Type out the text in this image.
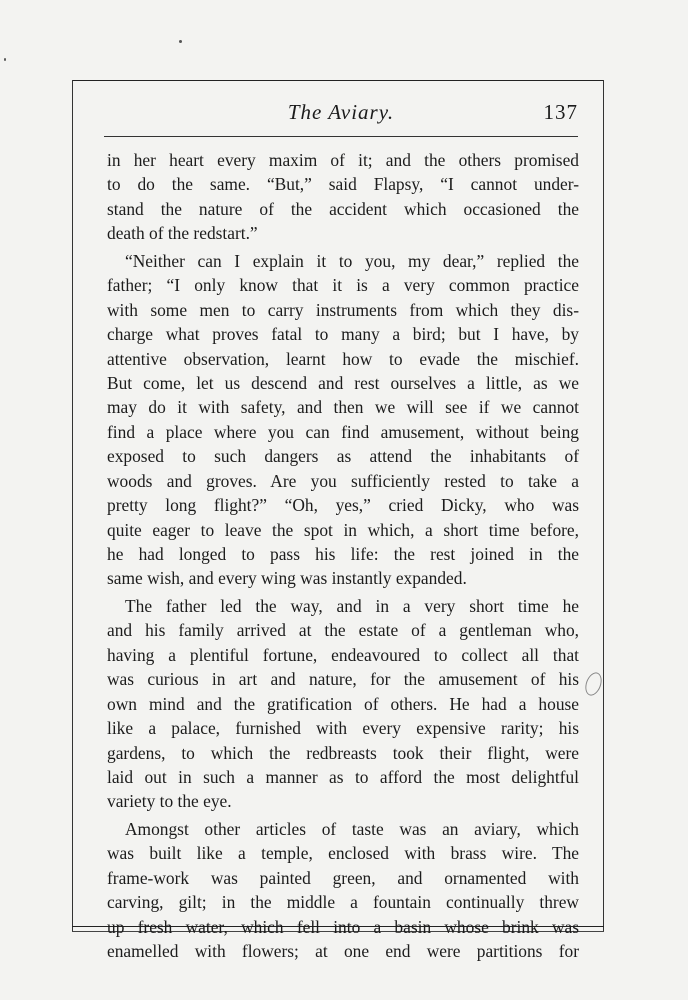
The Aviary.	137
in her heart every maxim of it; and the others promised
to do the same. “But,” said Flapsy, “I cannot under-
stand the nature of the accident which occasioned the
death of the redstart.”
“Neither can I explain it to you, my dear,” replied the
father; “I only know that it is a very common practice
with some men to carry instruments from which they dis-
charge what proves fatal to many a bird; but I have, by
attentive observation, learnt how to evade the mischief.
But come, let us descend and rest ourselves a little, as we
may do it with safety, and then we will see if we cannot
find a place where you can find amusement, without being
exposed to such dangers as attend the inhabitants of
woods and groves. Are you sufficiently rested to take a
pretty long flight?” “Oh, yes,” cried Dicky, who was
quite eager to leave the spot in which, a short time before,
he had longed to pass his life: the rest joined in the
same wish, and every wing was instantly expanded.
The father led the way, and in a very short time he
and his family arrived at the estate of a gentleman who,
having a plentiful fortune, endeavoured to collect all that
was curious in art and nature, for the amusement of his
own mind and the gratification of others. He had a house
like a palace, furnished with every expensive rarity; his
gardens, to which the redbreasts took their flight, were
laid out in such a manner as to afford the most delightful
variety to the eye.
Amongst other articles of taste was an aviary, which
was built like a temple, enclosed with brass wire. The
frame-work was painted green, and ornamented with
carving, gilt; in the middle a fountain continually threw
up fresh water, which fell into a basin whose brink was
enamelled with flowers; at one end were partitions for
